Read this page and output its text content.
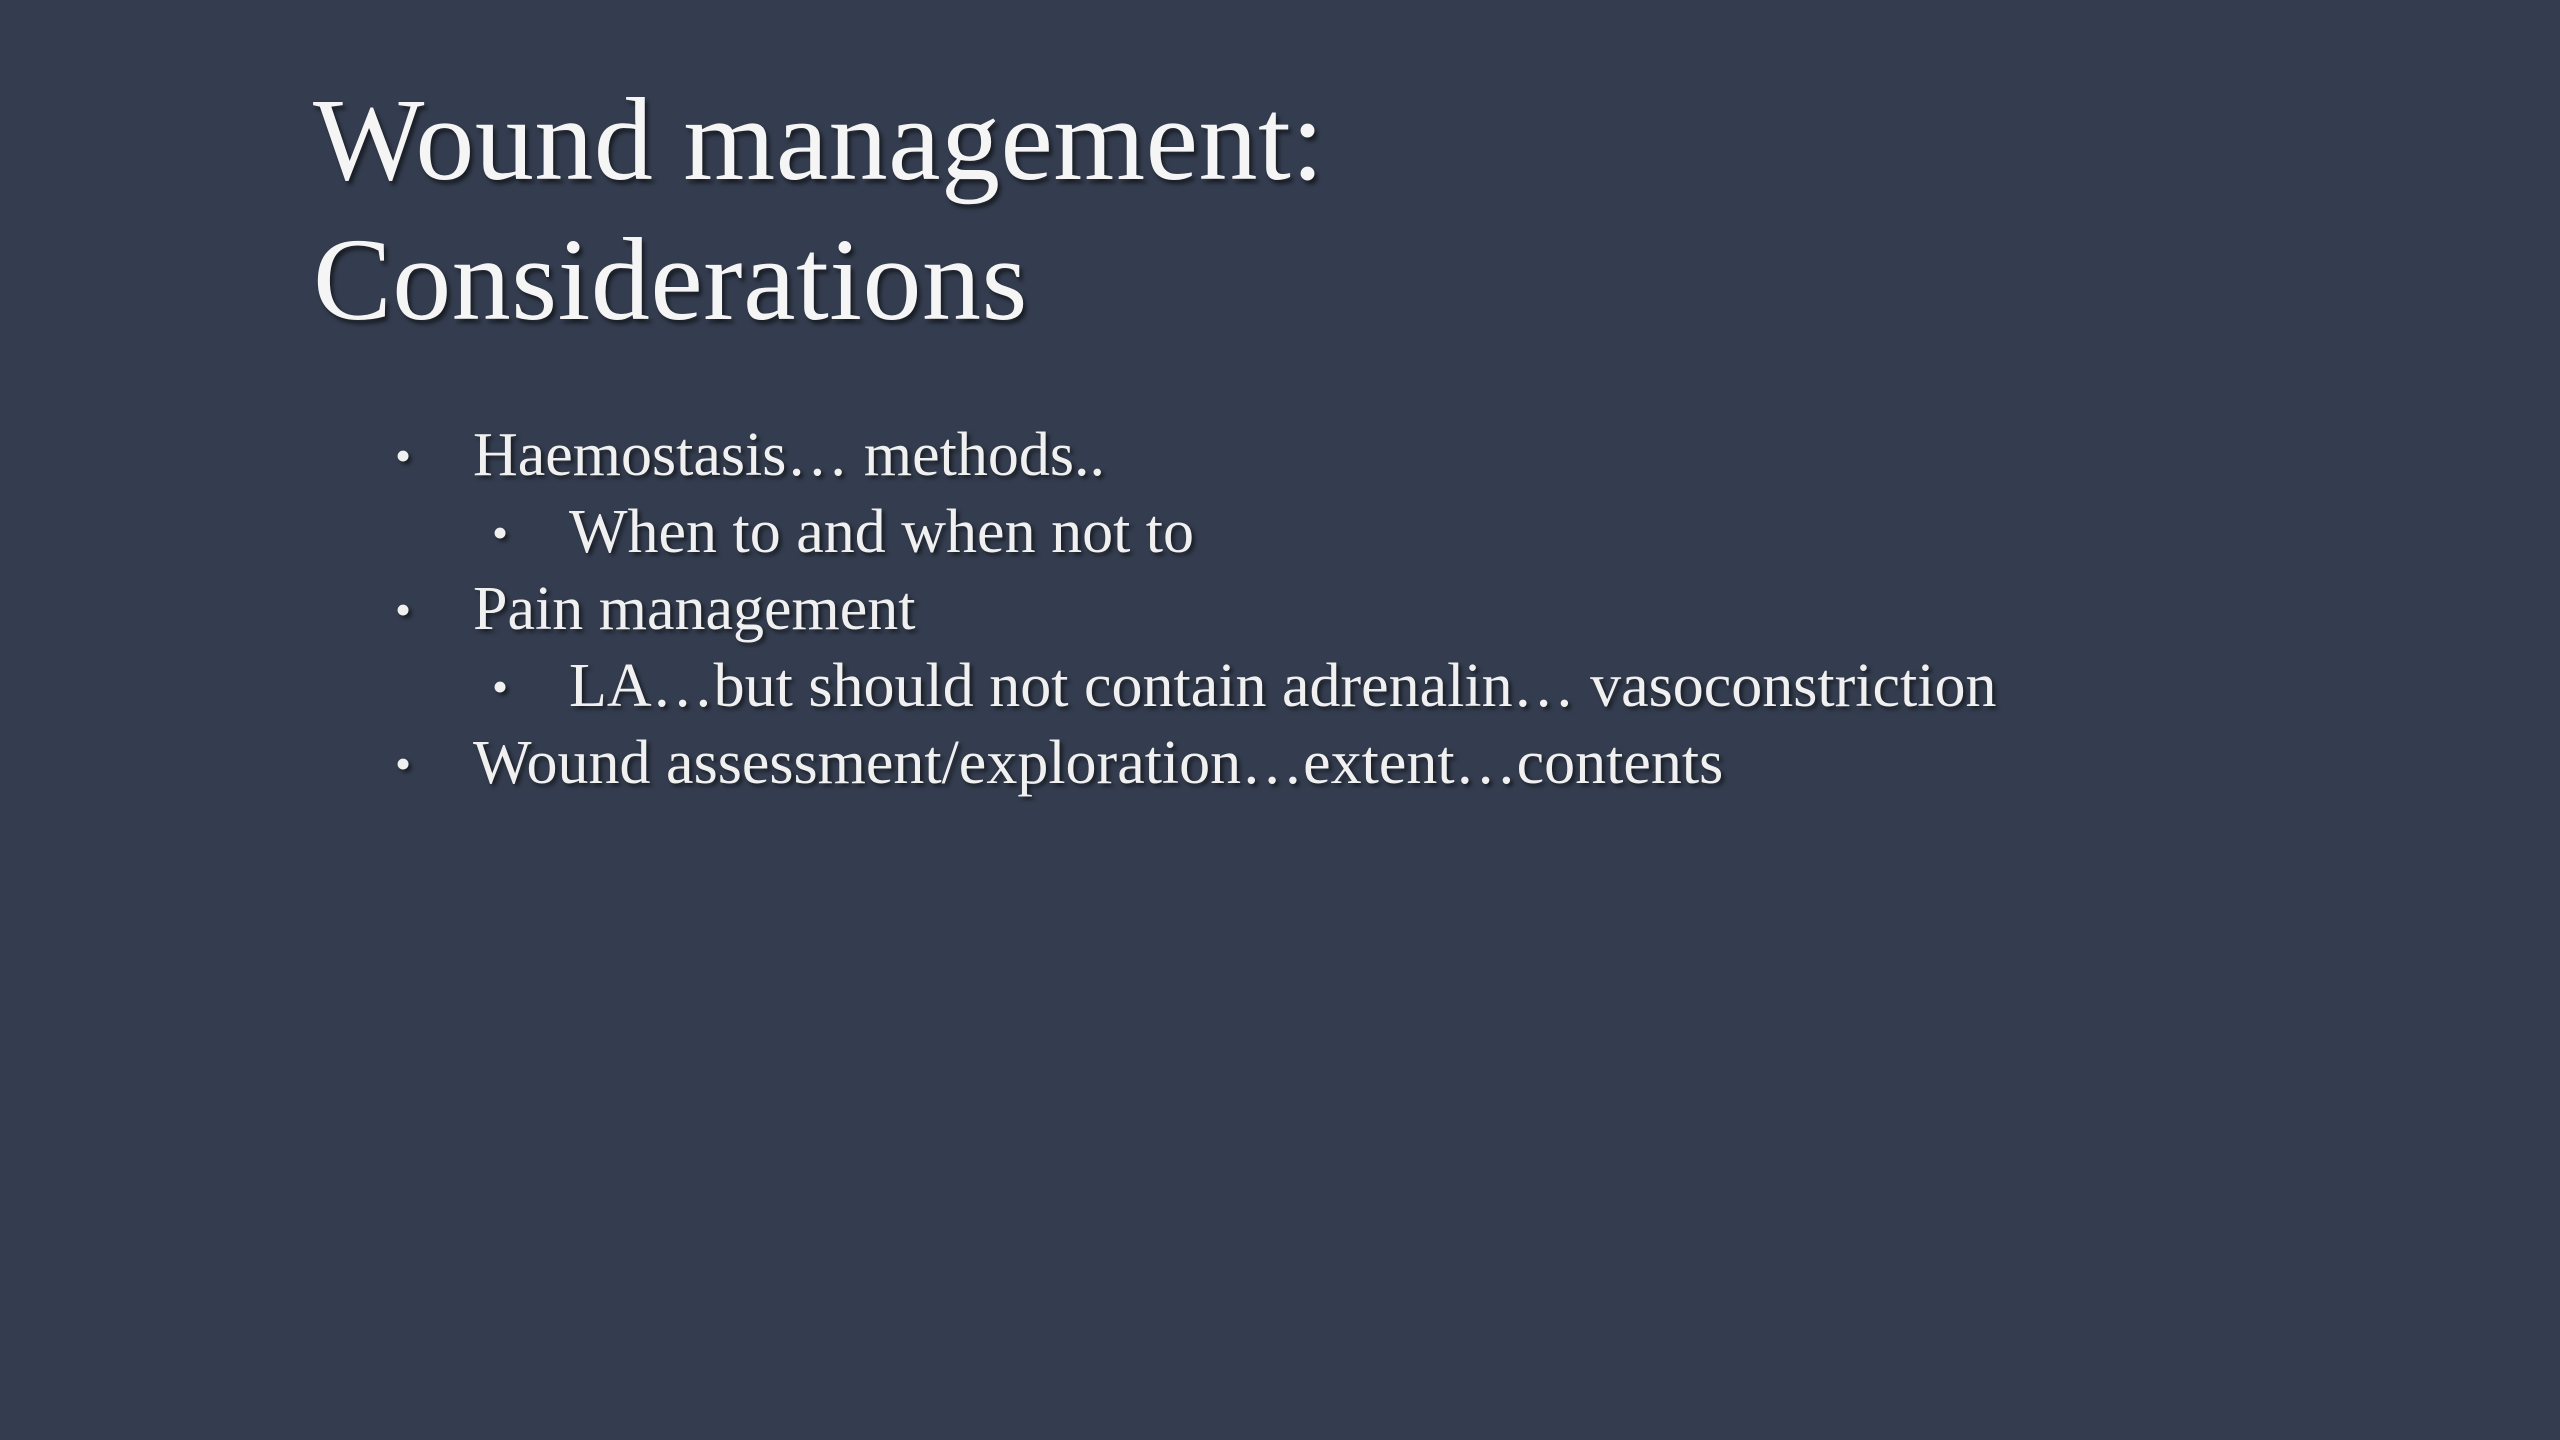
Wound management:
Considerations
• Haemostasis… methods..
• When to and when not to
• Pain management
• LA…but should not contain adrenalin… vasoconstriction
• Wound assessment/exploration…extent…contents
